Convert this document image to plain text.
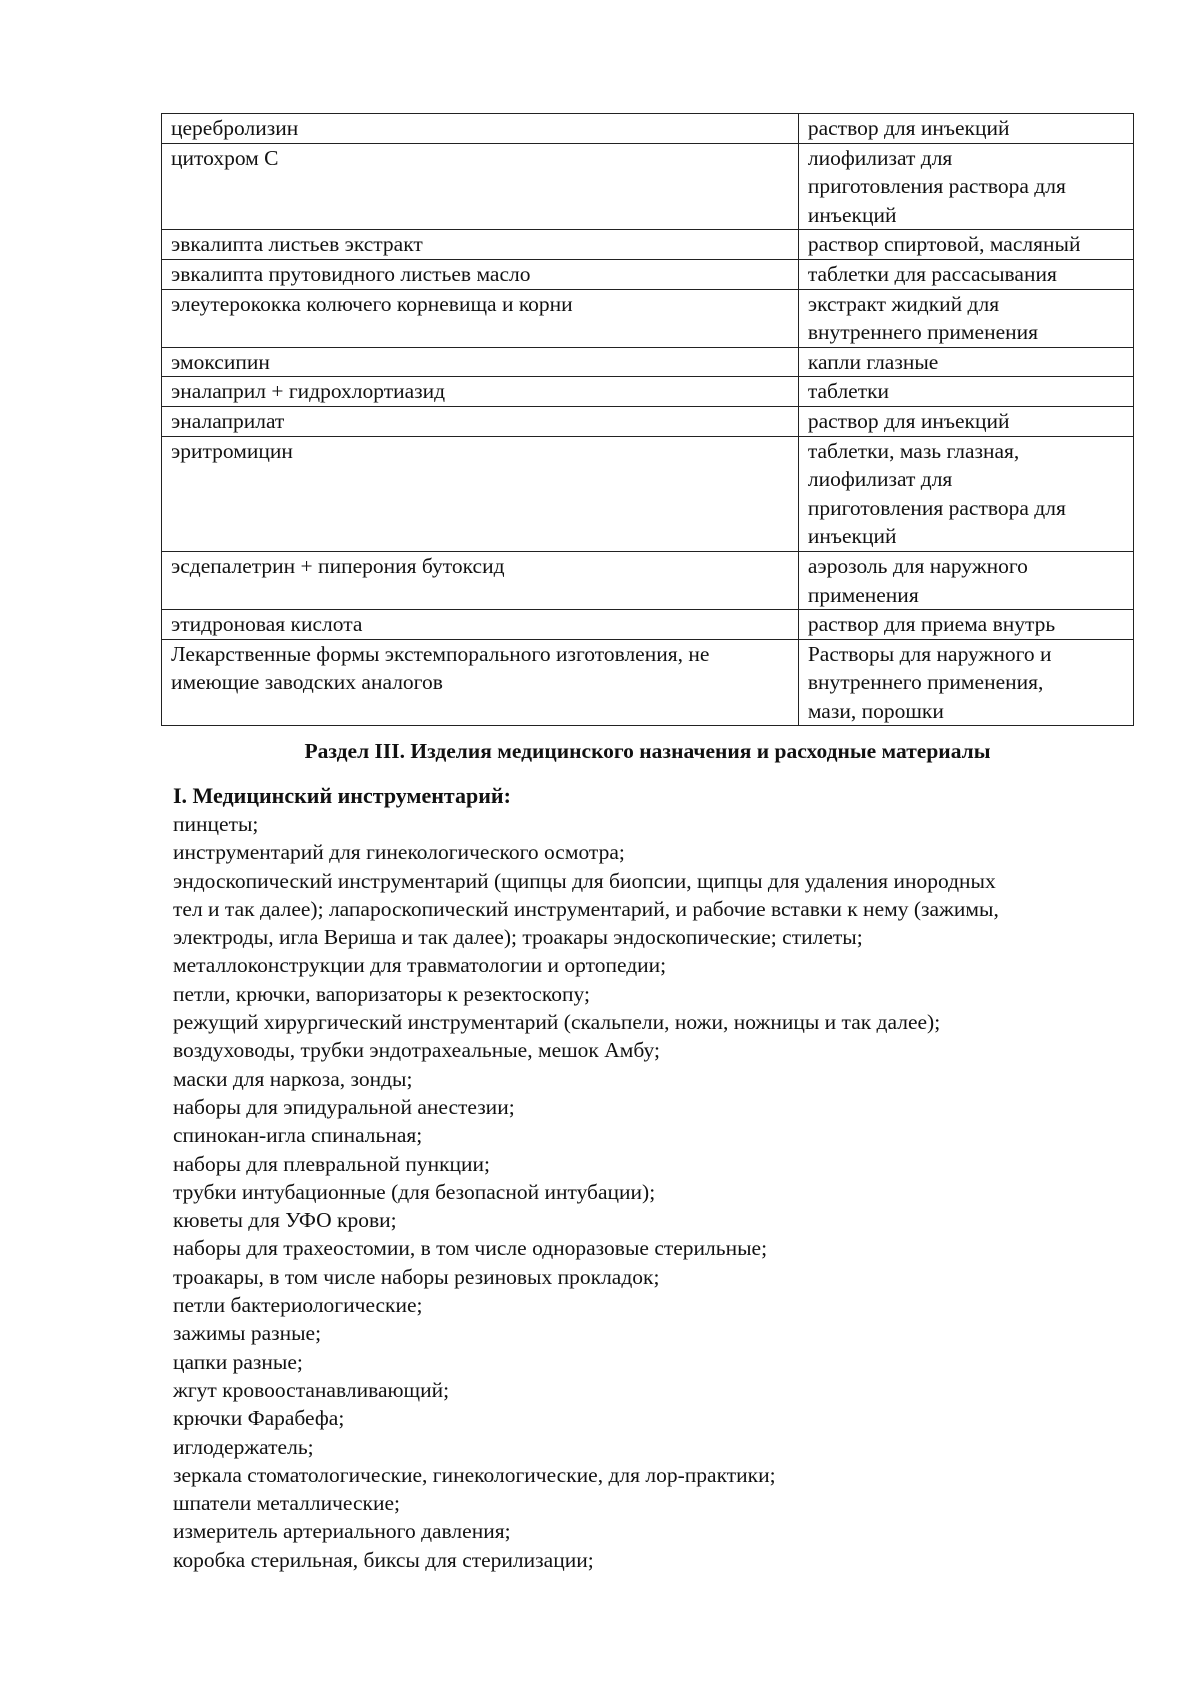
церебролизин	раствор для инъекций

цитохром С	лиофилизат для
приготовления раствора для
инъекций

эвкалипта листьев экстракт	раствор спиртовой, масляный

эвкалипта прутовидного листьев масло	таблетки для рассасывания

элеутерококка колючего корневища и корни	экстракт жидкий для
внутреннего применения

эмоксипин	капли глазные

эналаприл + гидрохлортиазид	таблетки

эналаприлат	раствор для инъекций

эритромицин	таблетки, мазь глазная,
лиофилизат для
приготовления раствора для
инъекций

эсдепалетрин + пиперония бутоксид	аэрозоль для наружного
применения

этидроновая кислота	раствор для приема внутрь

Лекарственные формы экстемпорального изготовления, не
имеющие заводских аналогов	Растворы для наружного и
внутреннего применения,
мази, порошки
Раздел III. Изделия медицинского назначения и расходные материалы
I. Медицинский инструментарий:
пинцеты;
инструментарий для гинекологического осмотра;
эндоскопический инструментарий (щипцы для биопсии, щипцы для удаления инородных
тел и так далее); лапароскопический инструментарий, и рабочие вставки к нему (зажимы,
электроды, игла Вериша и так далее); троакары эндоскопические; стилеты;
металлоконструкции для травматологии и ортопедии;
петли, крючки, вапоризаторы к резектоскопу;
режущий хирургический инструментарий (скальпели, ножи, ножницы и так далее);
воздуховоды, трубки эндотрахеальные, мешок Амбу;
маски для наркоза, зонды;
наборы для эпидуральной анестезии;
спинокан-игла спинальная;
наборы для плевральной пункции;
трубки интубационные (для безопасной интубации);
кюветы для УФО крови;
наборы для трахеостомии, в том числе одноразовые стерильные;
троакары, в том числе наборы резиновых прокладок;
петли бактериологические;
зажимы разные;
цапки разные;
жгут кровоостанавливающий;
крючки Фарабефа;
иглодержатель;
зеркала стоматологические, гинекологические, для лор-практики;
шпатели металлические;
измеритель артериального давления;
коробка стерильная, биксы для стерилизации;
